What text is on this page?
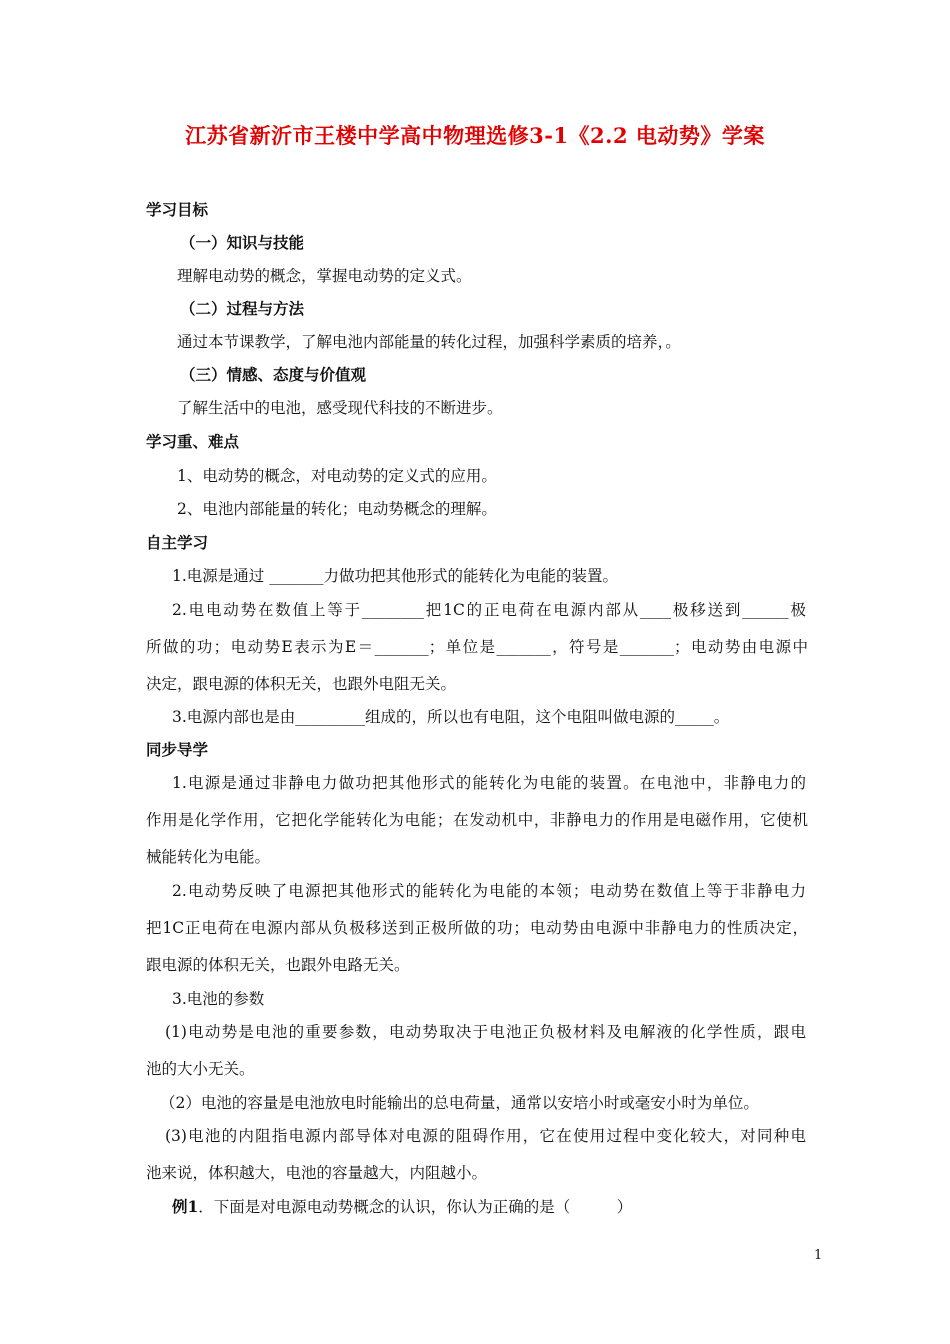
江苏省新沂市王楼中学高中物理选修3-1《2.2 电动势》学案
学习目标
（一）知识与技能
理解电动势的概念，掌握电动势的定义式。
（二）过程与方法
通过本节课教学，了解电池内部能量的转化过程，加强科学素质的培养，。
（三）情感、态度与价值观
了解生活中的电池，感受现代科技的不断进步。
学习重、难点
1、电动势的概念，对电动势的定义式的应用。
2、电池内部能量的转化；电动势概念的理解。
自主学习
1.电源是通过 _______力做功把其他形式的能转化为电能的装置。
2.电电动势在数值上等于________把1C的正电荷在电源内部从____极移送到______极
所做的功；电动势E表示为E＝_______；单位是_______，符号是_______；电动势由电源中
决定，跟电源的体积无关，也跟外电阻无关。
3.电源内部也是由_________组成的，所以也有电阻，这个电阻叫做电源的_____。
同步导学
1.电源是通过非静电力做功把其他形式的能转化为电能的装置。在电池中，非静电力的
作用是化学作用，它把化学能转化为电能；在发动机中，非静电力的作用是电磁作用，它使机
械能转化为电能。
2.电动势反映了电源把其他形式的能转化为电能的本领；电动势在数值上等于非静电力
把1C正电荷在电源内部从负极移送到正极所做的功；电动势由电源中非静电力的性质决定，
跟电源的体积无关，也跟外电路无关。
3.电池的参数
(1)电动势是电池的重要参数，电动势取决于电池正负极材料及电解液的化学性质，跟电
池的大小无关。
（2）电池的容量是电池放电时能输出的总电荷量，通常以安培小时或毫安小时为单位。
(3)电池的内阻指电源内部导体对电源的阻碍作用，它在使用过程中变化较大，对同种电
池来说，体积越大，电池的容量越大，内阻越小。
例1．下面是对电源电动势概念的认识，你认为正确的是（　　　）
1
